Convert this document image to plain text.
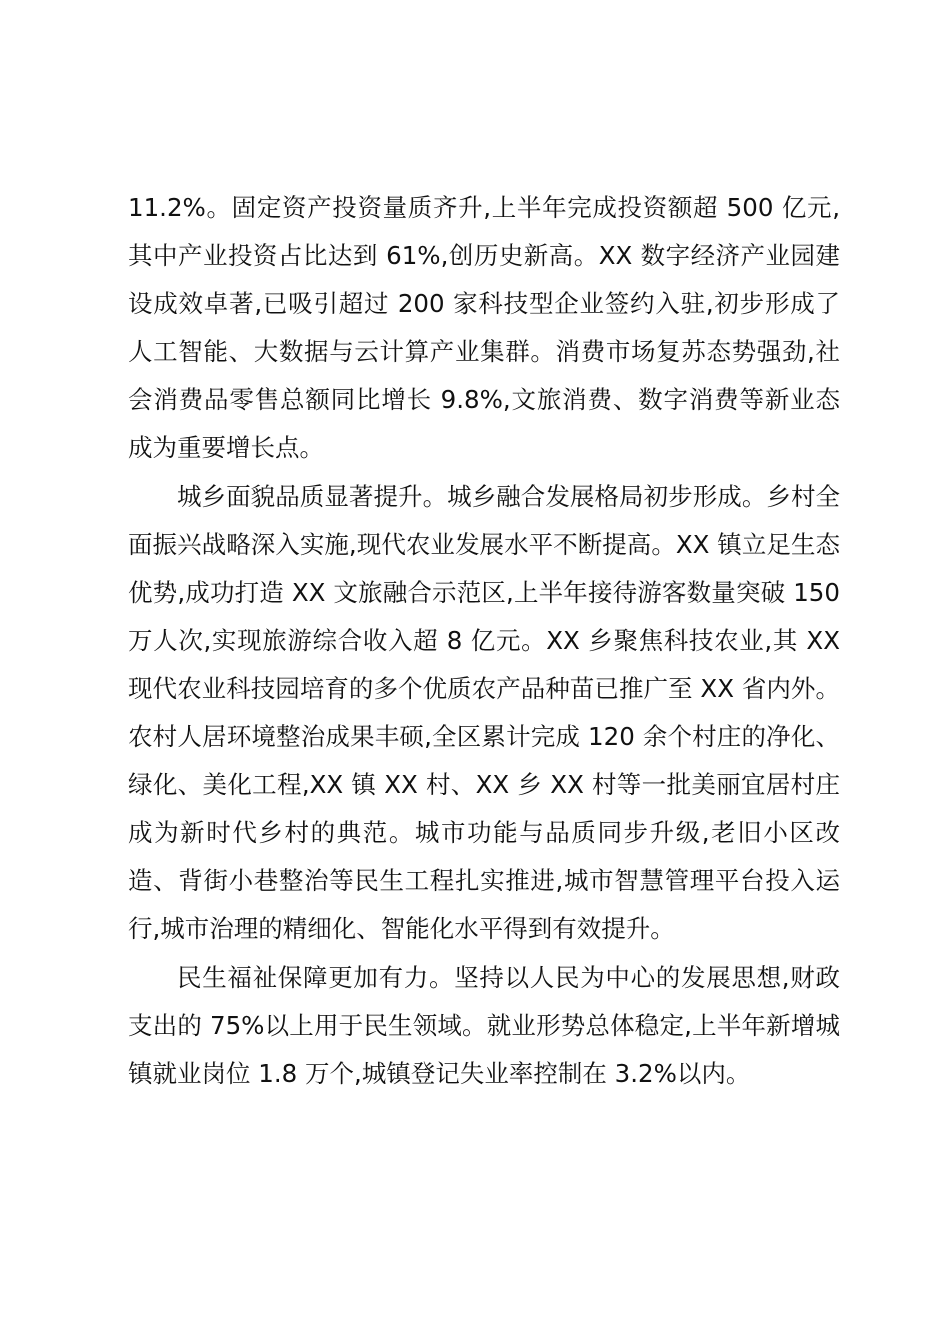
11.2%。固定资产投资量质齐升,上半年完成投资额超 500 亿元,其中产业投资占比达到 61%,创历史新高。XX 数字经济产业园建设成效卓著,已吸引超过 200 家科技型企业签约入驻,初步形成了人工智能、大数据与云计算产业集群。消费市场复苏态势强劲,社会消费品零售总额同比增长 9.8%,文旅消费、数字消费等新业态成为重要增长点。

城乡面貌品质显著提升。城乡融合发展格局初步形成。乡村全面振兴战略深入实施,现代农业发展水平不断提高。XX 镇立足生态优势,成功打造 XX 文旅融合示范区,上半年接待游客数量突破 150 万人次,实现旅游综合收入超 8 亿元。XX 乡聚焦科技农业,其 XX 现代农业科技园培育的多个优质农产品种苗已推广至 XX 省内外。农村人居环境整治成果丰硕,全区累计完成 120 余个村庄的净化、绿化、美化工程,XX 镇 XX 村、XX 乡 XX 村等一批美丽宜居村庄成为新时代乡村的典范。城市功能与品质同步升级,老旧小区改造、背街小巷整治等民生工程扎实推进,城市智慧管理平台投入运行,城市治理的精细化、智能化水平得到有效提升。

民生福祉保障更加有力。坚持以人民为中心的发展思想,财政支出的 75%以上用于民生领域。就业形势总体稳定,上半年新增城镇就业岗位 1.8 万个,城镇登记失业率控制在 3.2%以内。
